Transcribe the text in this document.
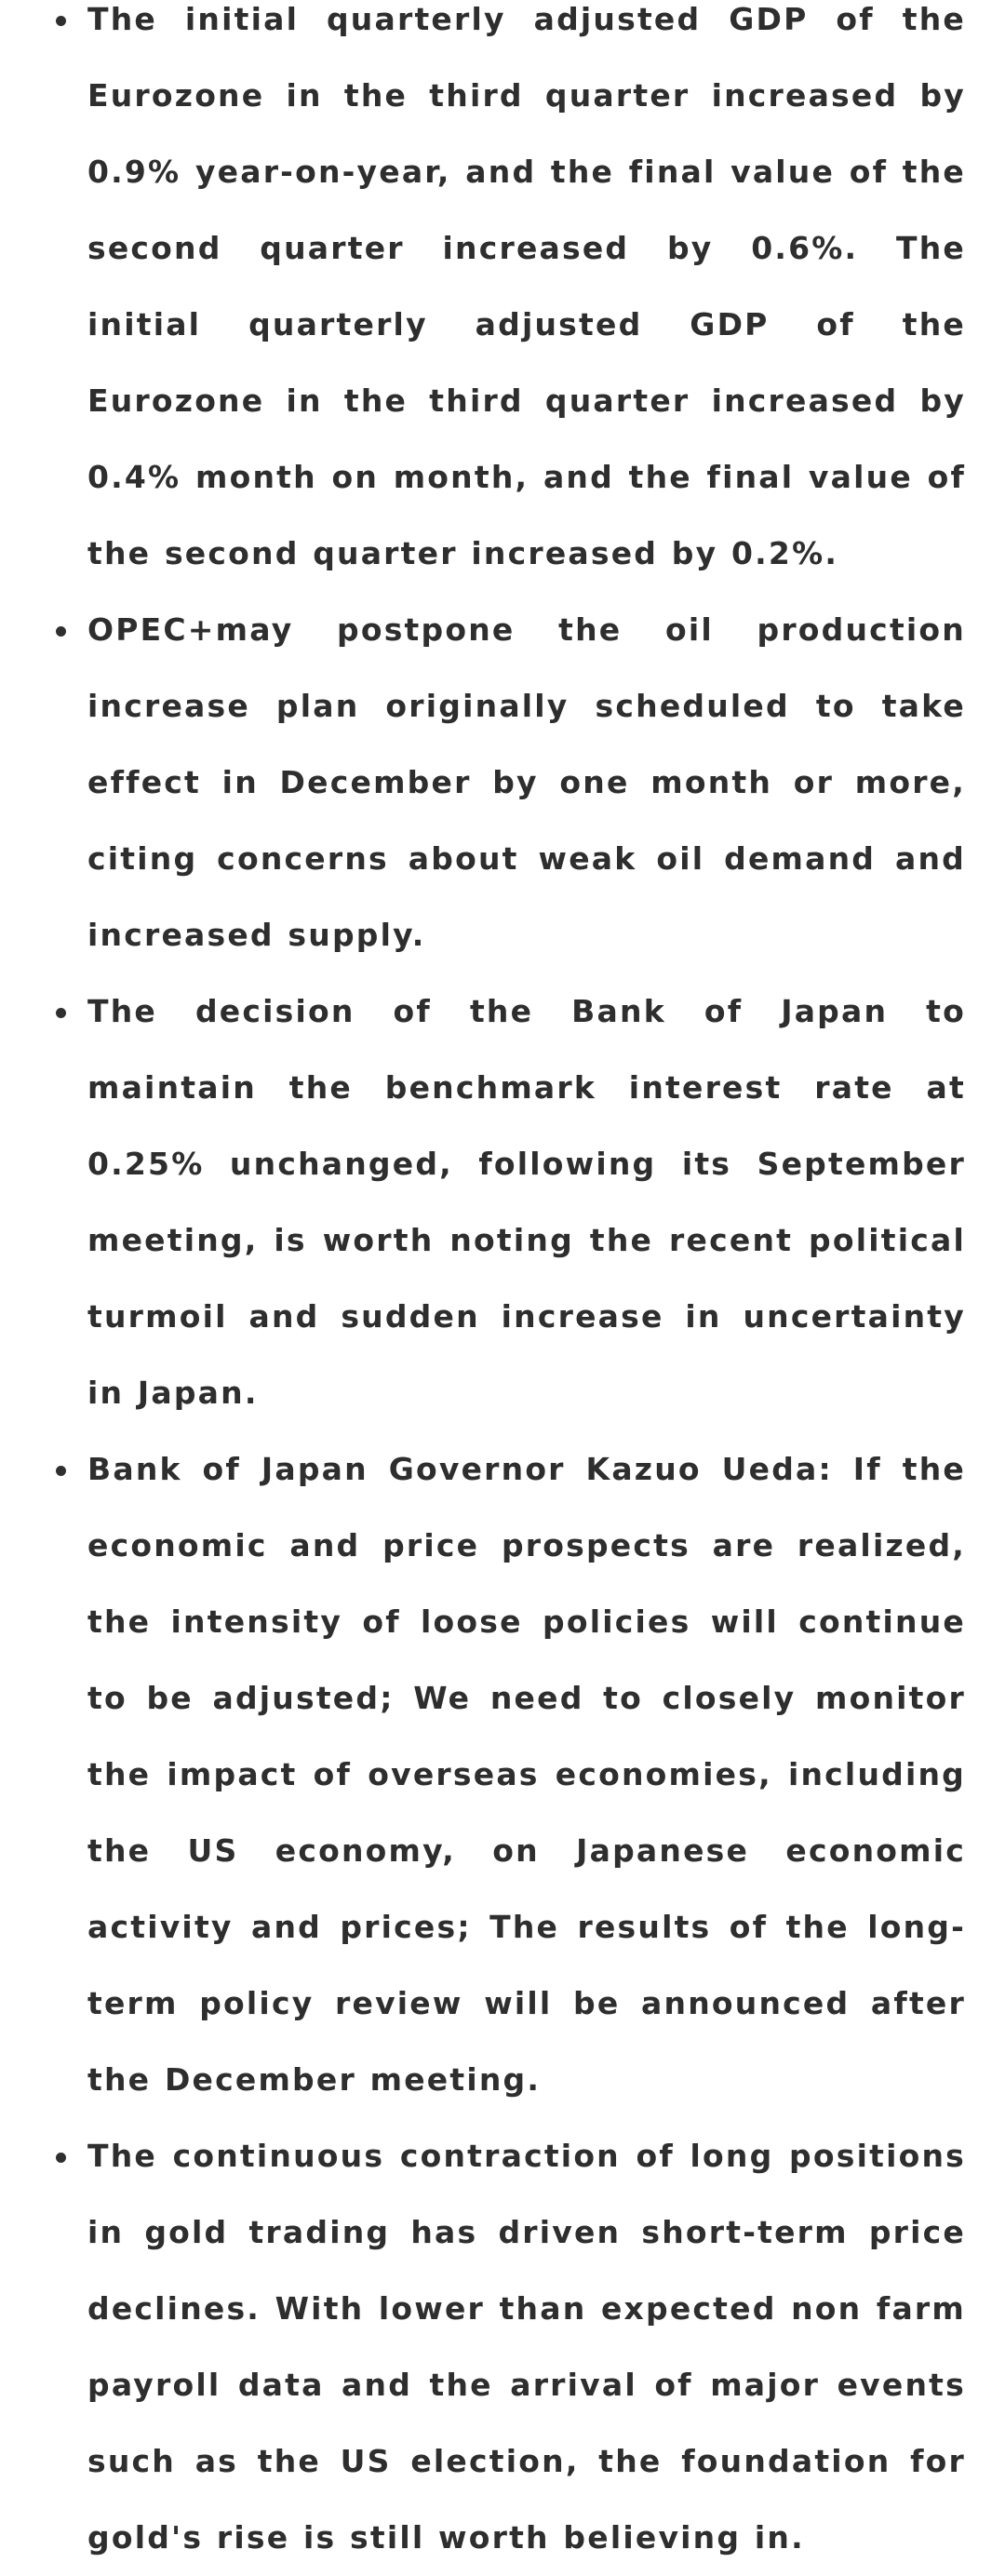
The initial quarterly adjusted GDP of the Eurozone in the third quarter increased by 0.9% year-on-year, and the final value of the second quarter increased by 0.6%. The initial quarterly adjusted GDP of the Eurozone in the third quarter increased by 0.4% month on month, and the final value of the second quarter increased by 0.2%.

OPEC+may postpone the oil production increase plan originally scheduled to take effect in December by one month or more, citing concerns about weak oil demand and increased supply.

The decision of the Bank of Japan to maintain the benchmark interest rate at 0.25% unchanged, following its September meeting, is worth noting the recent political turmoil and sudden increase in uncertainty in Japan.

Bank of Japan Governor Kazuo Ueda: If the economic and price prospects are realized, the intensity of loose policies will continue to be adjusted; We need to closely monitor the impact of overseas economies, including the US economy, on Japanese economic activity and prices; The results of the long-term policy review will be announced after the December meeting.

The continuous contraction of long positions in gold trading has driven short-term price declines. With lower than expected non farm payroll data and the arrival of major events such as the US election, the foundation for gold's rise is still worth believing in.
